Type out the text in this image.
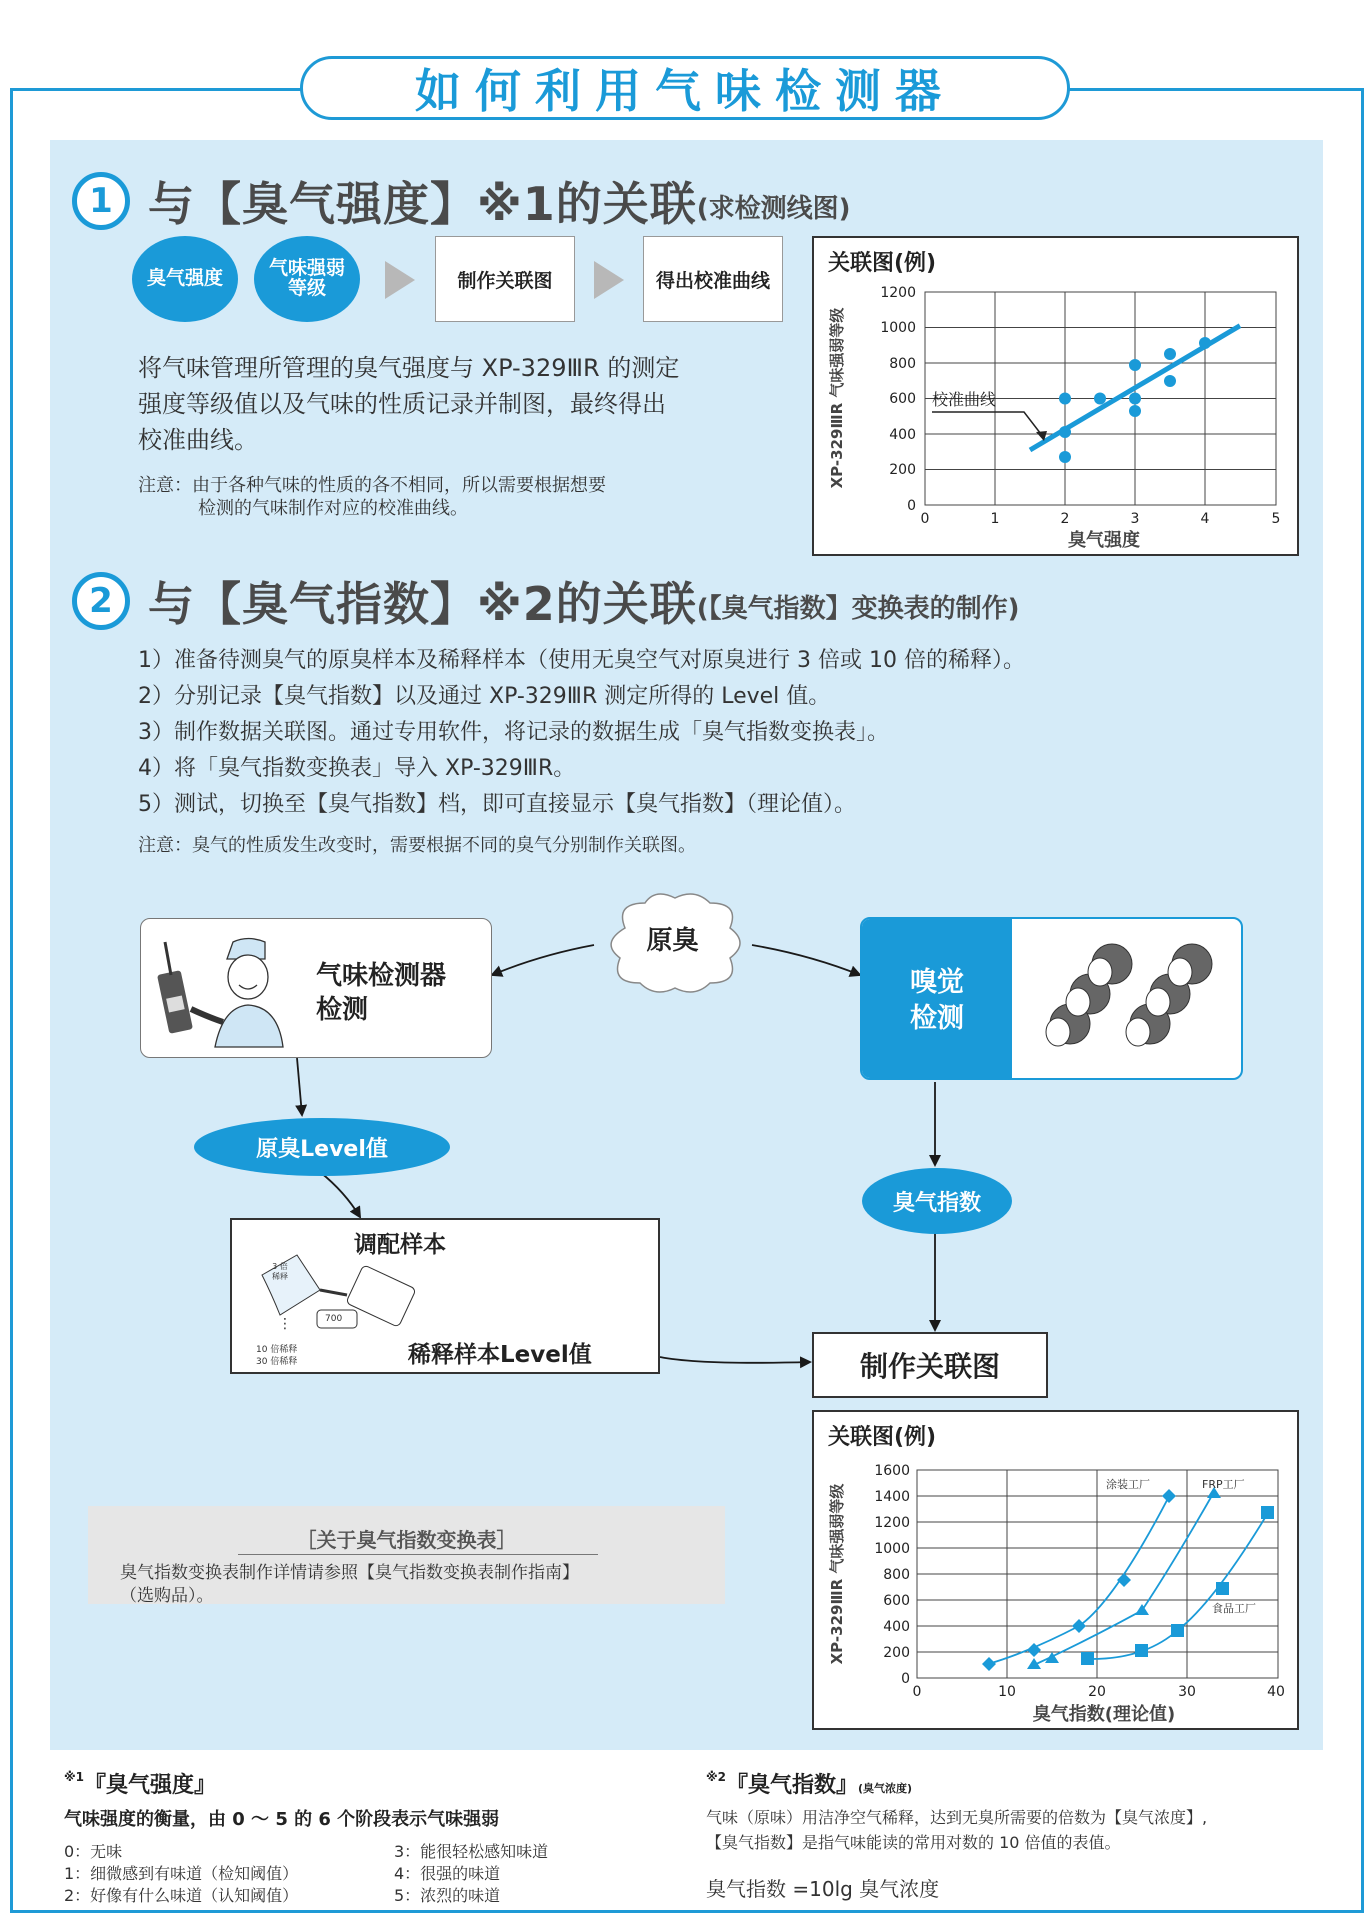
如何利用气味检测器
1 与【臭气强度】※1的关联 (求检测线图)
臭气强度	气味强弱
等级	制作关联图	得出校准曲线
将气味管理所管理的臭气强度与 XP-329ⅢR 的测定
强度等级值以及气味的性质记录并制图，最终得出
校准曲线。
注意：由于各种气味的性质的各不相同，所以需要根据想要
检测的气味制作对应的校准曲线。
关联图(例)
1200
1000
800
600
400
200
0
0	1	2	3	4	5
臭气强度
XP-329ⅢR 气味强弱等级	校准曲线
2 与【臭气指数】※2的关联 (【臭气指数】变换表的制作)
1）准备待测臭气的原臭样本及稀释样本（使用无臭空气对原臭进行 3 倍或 10 倍的稀释）。
2）分别记录【臭气指数】以及通过 XP-329ⅢR 测定所得的 Level 值。
3）制作数据关联图。通过专用软件，将记录的数据生成「臭气指数变换表」。
4）将「臭气指数变换表」导入 XP-329ⅢR。
5）测试，切换至【臭气指数】档，即可直接显示【臭气指数】（理论值）。
注意：臭气的性质发生改变时，需要根据不同的臭气分别制作关联图。
原臭
气味检测器
检测
嗅觉
检测
原臭Level值
臭气指数
调配样本
3 倍
稀释
700
⋮
10 倍稀释
30 倍稀释	稀释样本Level值	制作关联图
［关于臭气指数变换表］
臭气指数变换表制作详情请参照【臭气指数变换表制作指南】
（选购品）。
关联图(例)
1600
1400
1200
1000
800
600
400
200
0
0	10	20	30	40
臭气指数(理论值)
XP-329ⅢR 气味强弱等级	涂装工厂	FRP工厂
食品工厂
※1 『臭气强度』
气味强度的衡量，由 0 ～ 5 的 6 个阶段表示气味强弱
0：无味
1：细微感到有味道（检知阈值）
2：好像有什么味道（认知阈值）
3：能很轻松感知味道
4：很强的味道
5：浓烈的味道
※2 『臭气指数』 (臭气浓度)
气味（原味）用洁净空气稀释，达到无臭所需要的倍数为【臭气浓度】,
【臭气指数】是指气味能读的常用对数的 10 倍值的表值。
臭气指数 =10lg 臭气浓度
